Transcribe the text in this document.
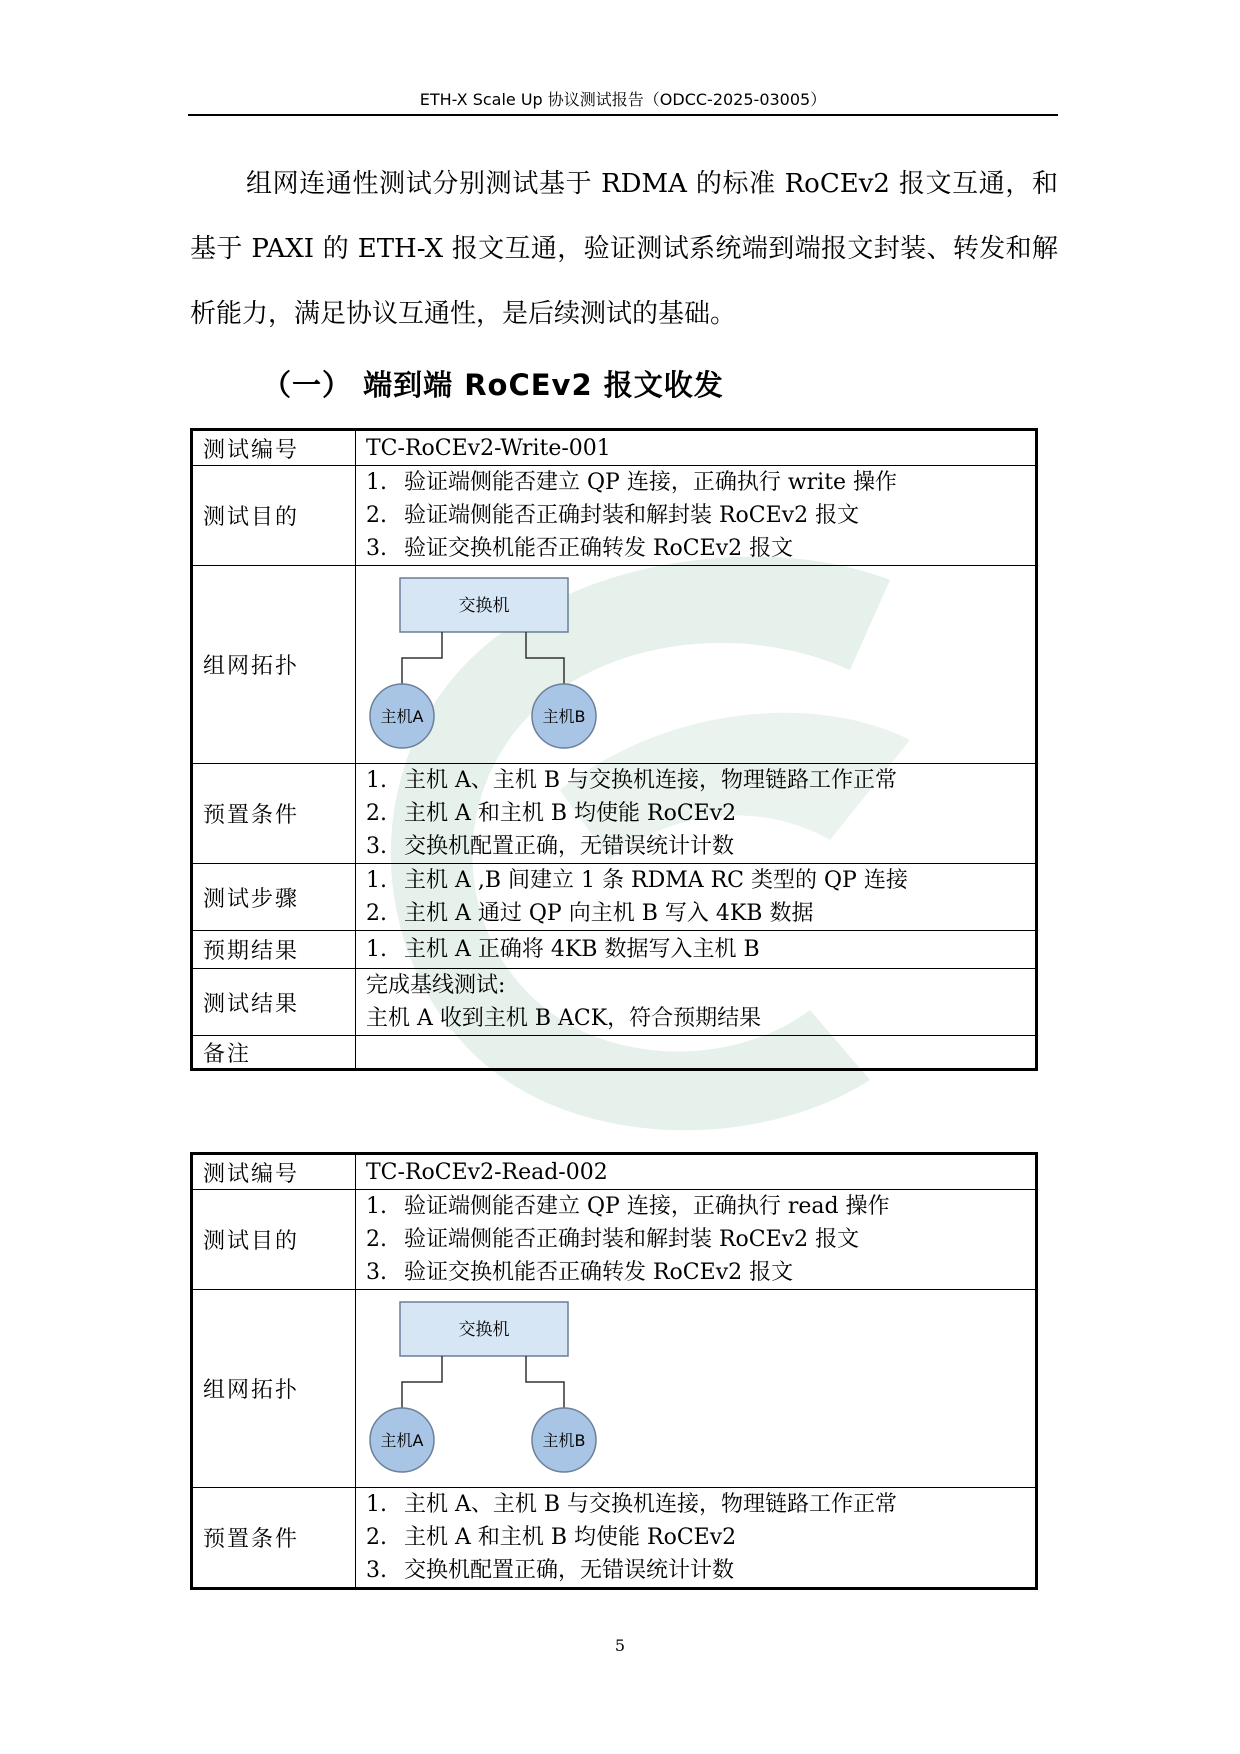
ETH-X Scale Up 协议测试报告（ODCC-2025-03005）

组网连通性测试分别测试基于 RDMA 的标准 RoCEv2 报文互通，和基于 PAXI 的 ETH-X 报文互通，验证测试系统端到端报文封装、转发和解析能力，满足协议互通性，是后续测试的基础。

（一） 端到端 RoCEv2 报文收发
测试编号	TC-RoCEv2-Write-001
测试目的	1. 验证端侧能否建立 QP 连接，正确执行 write 操作
2. 验证端侧能否正确封装和解封装 RoCEv2 报文
3. 验证交换机能否正确转发 RoCEv2 报文

组网拓扑	交换机
主机A 主机B

预置条件	1. 主机 A、主机 B 与交换机连接，物理链路工作正常
2. 主机 A 和主机 B 均使能 RoCEv2
3. 交换机配置正确，无错误统计计数

测试步骤	1. 主机 A ,B 间建立 1 条 RDMA RC 类型的 QP 连接
2. 主机 A 通过 QP 向主机 B 写入 4KB 数据

预期结果	1. 主机 A 正确将 4KB 数据写入主机 B

测试结果	完成基线测试:
主机 A 收到主机 B ACK，符合预期结果

备注	
测试编号	TC-RoCEv2-Read-002
测试目的	1. 验证端侧能否建立 QP 连接，正确执行 read 操作
2. 验证端侧能否正确封装和解封装 RoCEv2 报文
3. 验证交换机能否正确转发 RoCEv2 报文

组网拓扑	交换机
主机A 主机B

预置条件	1. 主机 A、主机 B 与交换机连接，物理链路工作正常
2. 主机 A 和主机 B 均使能 RoCEv2
3. 交换机配置正确，无错误统计计数
5
